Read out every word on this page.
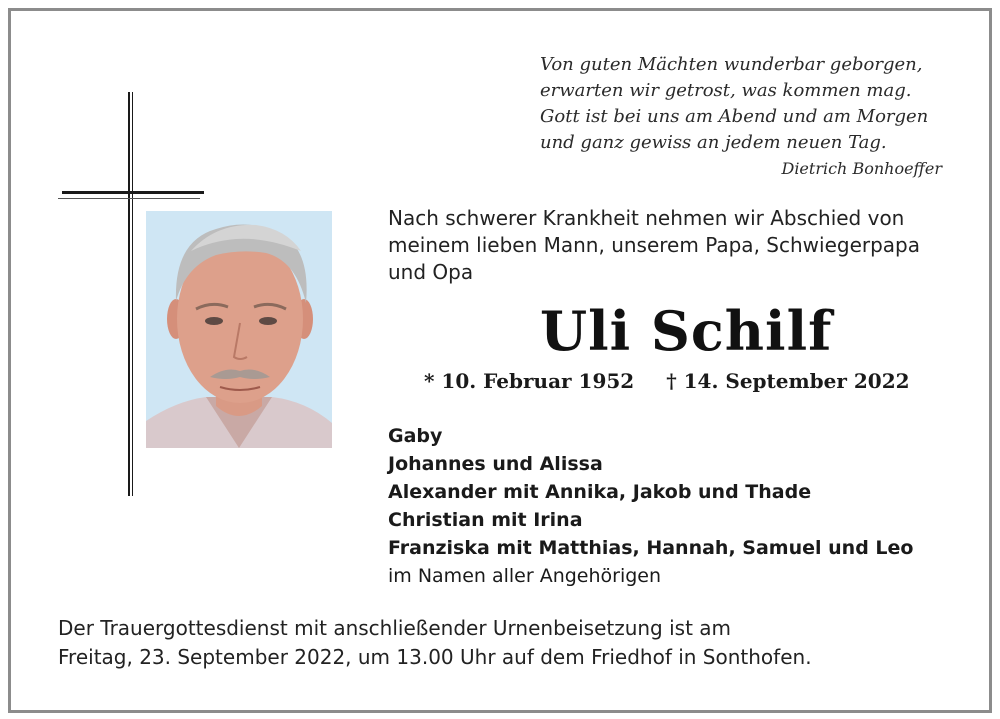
Von guten Mächten wunderbar geborgen,
erwarten wir getrost, was kommen mag.
Gott ist bei uns am Abend und am Morgen
und ganz gewiss an jedem neuen Tag.
Dietrich Bonhoeffer
Nach schwerer Krankheit nehmen wir Abschied von
meinem lieben Mann, unserem Papa, Schwiegerpapa
und Opa
Uli Schilf
* 10. Februar 1952 † 14. September 2022
Gaby
Johannes und Alissa
Alexander mit Annika, Jakob und Thade
Christian mit Irina
Franziska mit Matthias, Hannah, Samuel und Leo
im Namen aller Angehörigen
Der Trauergottesdienst mit anschließender Urnenbeisetzung ist am
Freitag, 23. September 2022, um 13.00 Uhr auf dem Friedhof in Sonthofen.
